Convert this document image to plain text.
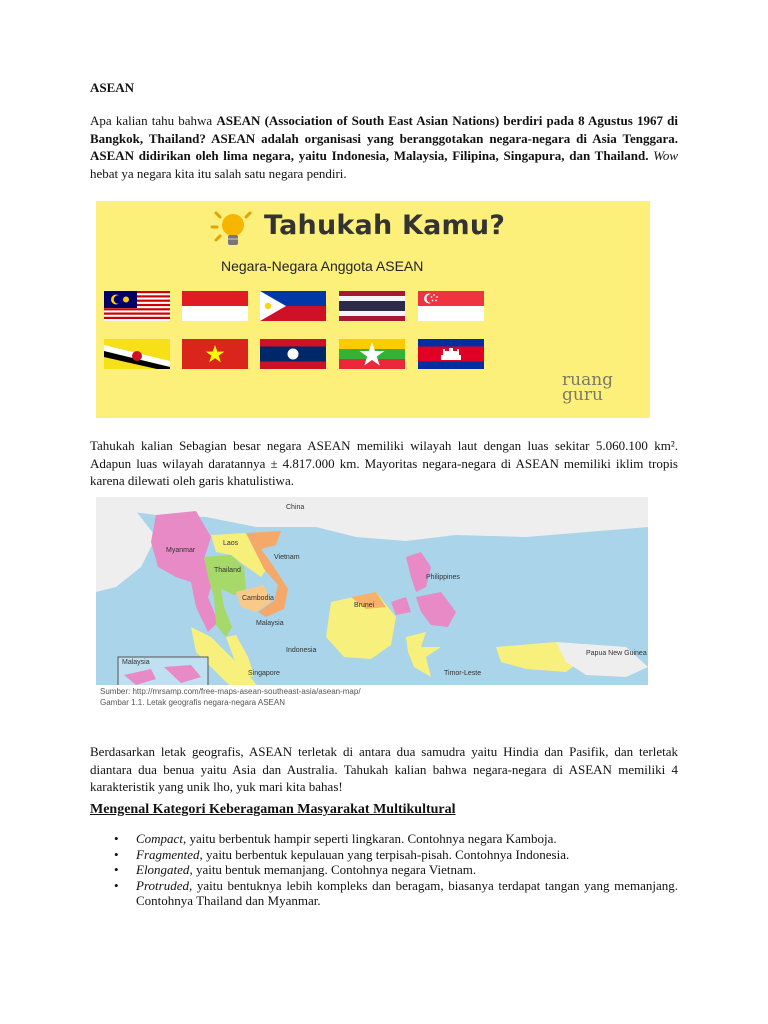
ASEAN
Apa kalian tahu bahwa ASEAN (Association of South East Asian Nations) berdiri pada 8 Agustus 1967 di Bangkok, Thailand? ASEAN adalah organisasi yang beranggotakan negara-negara di Asia Tenggara. ASEAN didirikan oleh lima negara, yaitu Indonesia, Malaysia, Filipina, Singapura, dan Thailand. Wow hebat ya negara kita itu salah satu negara pendiri.
Tahukah Kamu?
Negara-Negara Anggota ASEAN
ruang
guru
Tahukah kalian Sebagian besar negara ASEAN memiliki wilayah laut dengan luas sekitar 5.060.100 km². Adapun luas wilayah daratannya ± 4.817.000 km. Mayoritas negara-negara di ASEAN memiliki iklim tropis karena dilewati oleh garis khatulistiwa.
China
Myanmar
Laos
Thailand
Vietnam
Cambodia
Philippines
Malaysia
Brunei
Singapore
Indonesia
Timor-Leste
Papua New Guinea
Malaysia
Sumber: http://mrsamp.com/free-maps-asean-southeast-asia/asean-map/
Gambar 1.1. Letak geografis negara-negara ASEAN
Berdasarkan letak geografis, ASEAN terletak di antara dua samudra yaitu Hindia dan Pasifik, dan terletak diantara dua benua yaitu Asia dan Australia. Tahukah kalian bahwa negara-negara di ASEAN memiliki 4 karakteristik yang unik lho, yuk mari kita bahas!
Mengenal Kategori Keberagaman Masyarakat Multikultural
• Compact, yaitu berbentuk hampir seperti lingkaran. Contohnya negara Kamboja.
• Fragmented, yaitu berbentuk kepulauan yang terpisah-pisah. Contohnya Indonesia.
• Elongated, yaitu bentuk memanjang. Contohnya negara Vietnam.
• Protruded, yaitu bentuknya lebih kompleks dan beragam, biasanya terdapat tangan yang memanjang. Contohnya Thailand dan Myanmar.
